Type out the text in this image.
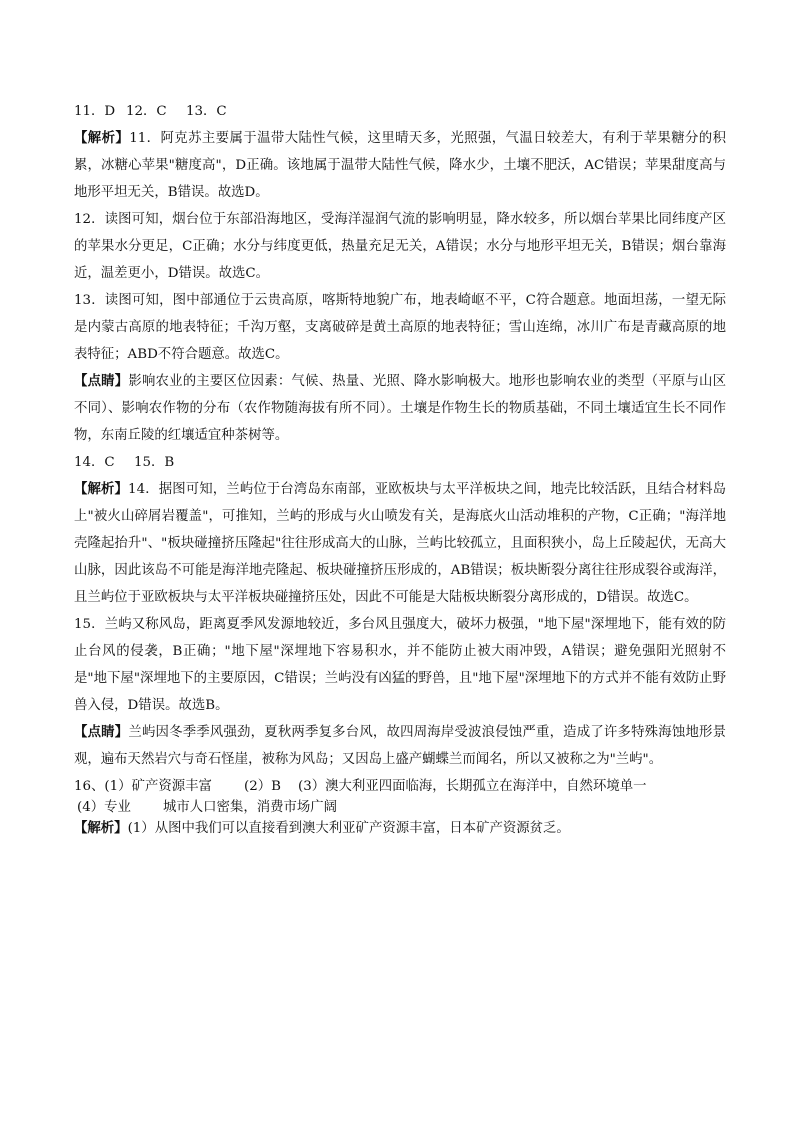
11．D 12．C 13．C

【解析】11．阿克苏主要属于温带大陆性气候，这里晴天多，光照强，气温日较差大，有利于苹果糖分的积累，冰糖心苹果"糖度高"，D正确。该地属于温带大陆性气候，降水少，土壤不肥沃，AC错误；苹果甜度高与地形平坦无关，B错误。故选D。

12．读图可知，烟台位于东部沿海地区，受海洋湿润气流的影响明显，降水较多，所以烟台苹果比同纬度产区的苹果水分更足，C正确；水分与纬度更低，热量充足无关，A错误；水分与地形平坦无关，B错误；烟台靠海近，温差更小，D错误。故选C。

13．读图可知，图中部通位于云贵高原，喀斯特地貌广布，地表崎岖不平，C符合题意。地面坦荡，一望无际是内蒙古高原的地表特征；千沟万壑，支离破碎是黄土高原的地表特征；雪山连绵，冰川广布是青藏高原的地表特征；ABD不符合题意。故选C。

【点睛】影响农业的主要区位因素：气候、热量、光照、降水影响极大。地形也影响农业的类型（平原与山区不同）、影响农作物的分布（农作物随海拔有所不同）。土壤是作物生长的物质基础，不同土壤适宜生长不同作物，东南丘陵的红壤适宜种茶树等。

14．C 15．B

【解析】14．据图可知，兰屿位于台湾岛东南部，亚欧板块与太平洋板块之间，地壳比较活跃，且结合材料岛上"被火山碎屑岩覆盖"，可推知，兰屿的形成与火山喷发有关，是海底火山活动堆积的产物，C正确；"海洋地壳隆起抬升"、"板块碰撞挤压隆起"往往形成高大的山脉，兰屿比较孤立，且面积狭小，岛上丘陵起伏，无高大山脉，因此该岛不可能是海洋地壳隆起、板块碰撞挤压形成的，AB错误；板块断裂分离往往形成裂谷或海洋，且兰屿位于亚欧板块与太平洋板块碰撞挤压处，因此不可能是大陆板块断裂分离形成的，D错误。故选C。

15．兰屿又称风岛，距离夏季风发源地较近，多台风且强度大，破坏力极强，"地下屋"深埋地下，能有效的防止台风的侵袭，B正确；"地下屋"深埋地下容易积水，并不能防止被大雨冲毁，A错误；避免强阳光照射不是"地下屋"深埋地下的主要原因，C错误；兰屿没有凶猛的野兽，且"地下屋"深埋地下的方式并不能有效防止野兽入侵，D错误。故选B。

【点睛】兰屿因冬季季风强劲，夏秋两季复多台风，故四周海岸受波浪侵蚀严重，造成了许多特殊海蚀地形景观，遍布天然岩穴与奇石怪崖，被称为风岛；又因岛上盛产蝴蝶兰而闻名，所以又被称之为"兰屿"。

16、(1）矿产资源丰富 (2）B (3）澳大利亚四面临海，长期孤立在海洋中，自然环境单一

(4）专业 城市人口密集，消费市场广阔

【解析】(1）从图中我们可以直接看到澳大利亚矿产资源丰富，日本矿产资源贫乏。
